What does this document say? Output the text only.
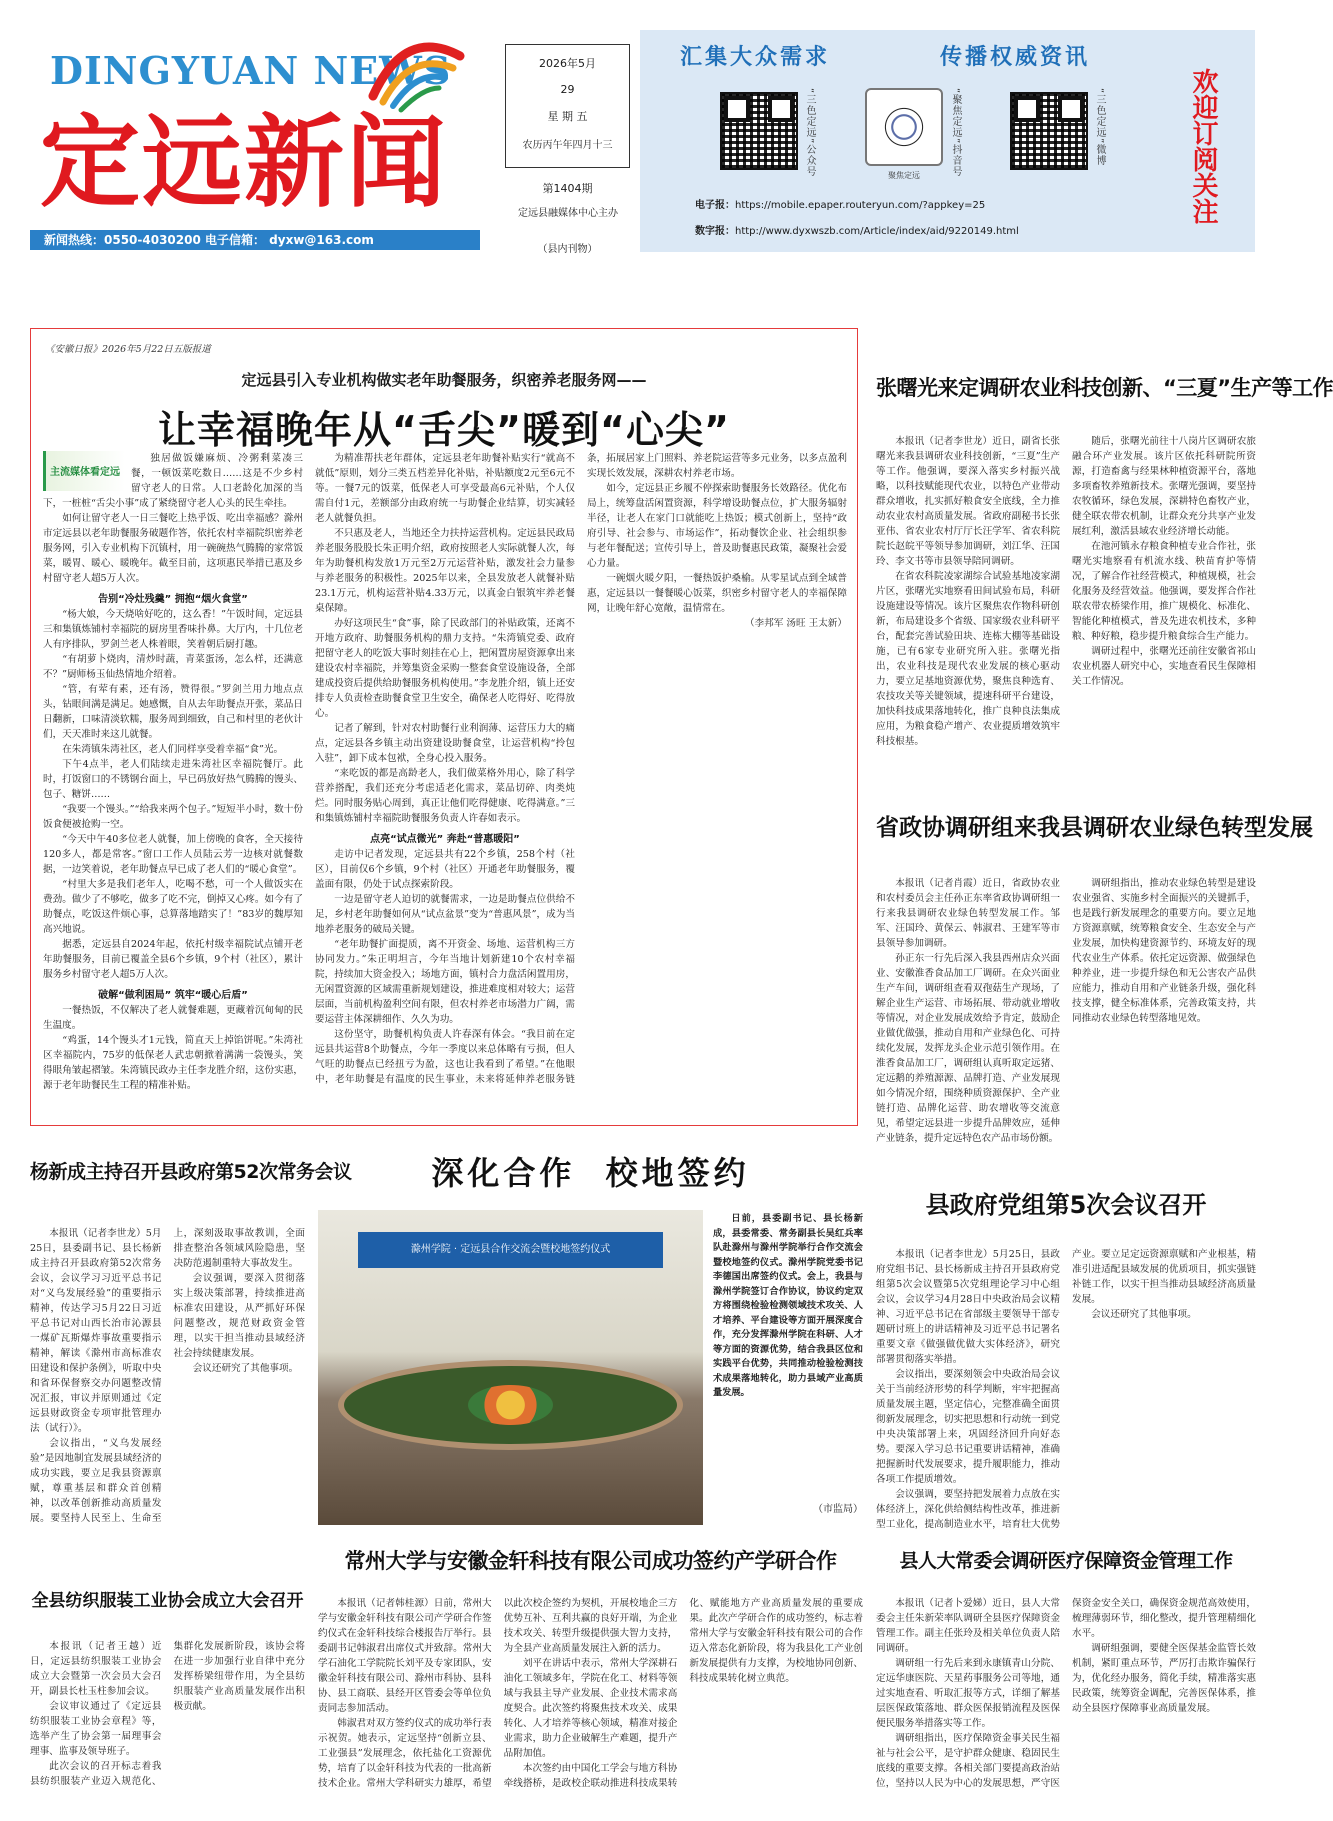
DINGYUAN NEWS
定远新闻
2026年5月
29
星 期 五
农历丙午年四月十三
第1404期
定远县融媒体中心主办
（县内刊物）
新闻热线：0550-4030200 电子信箱： dyxw@163.com
汇集大众需求	传播权威资讯
“三色定远”公众号	聚焦定远	“聚焦定远”抖音号	“三色定远”微博	欢迎订阅关注
电子报：https://mobile.epaper.routeryun.com/?appkey=25
数字报：http://www.dyxwszb.com/Article/index/aid/9220149.html
《安徽日报》2026年5月22日五版报道
定远县引入专业机构做实老年助餐服务，织密养老服务网——
让幸福晚年从“舌尖”暖到“心尖”
主流媒体看定远

独居做饭嫌麻烦、冷粥剩菜凑三餐，一顿饭菜吃数日……这是不少乡村留守老人的日常。人口老龄化加深的当下，一桩桩“舌尖小事”成了紧绕留守老人心头的民生牵挂。

如何让留守老人一日三餐吃上热乎饭、吃出幸福感？滁州市定远县以老年助餐服务破题作答，依托农村幸福院织密养老服务网，引入专业机构下沉镇村，用一碗碗热气腾腾的家常饭菜，暖胃、暖心、暖晚年。截至目前，这项惠民举措已惠及乡村留守老人超5万人次。

告别“冷灶残羹” 拥抱“烟火食堂”

“杨大娘，今天烧啥好吃的，这么香！”午饭时间，定远县三和集镇炼铺村幸福院的厨房里香味扑鼻。大厅内，十几位老人有序排队，罗剑兰老人株着眼，笑着朝后厨打趣。

“有胡萝卜烧肉，清炒时蔬，青菜蛋汤，怎么样，还满意不？”厨师杨玉仙热情地介绍着。

“管，有荤有素，还有汤，赞得很。”罗剑兰用力地点点头，钻眼间满是满足。她感慨，自从去年助餐点开张，菜品日日翻新，口味清淡软糯，服务周到细致，自己和村里的老伙计们，天天准时来这儿就餐。

在朱湾镇朱湾社区，老人们同样享受着幸福“食”光。

下午4点半，老人们陆续走进朱湾社区幸福院餐厅。此时，打饭窗口的不锈钢台面上，早已码放好热气腾腾的馒头、包子、糖饼……

“我要一个馒头。”“给我来两个包子。”短短半小时，数十份饭食便被抢购一空。

“今天中午40多位老人就餐，加上傍晚的食客，全天接待120多人，都是常客。”窗口工作人员陆云芳一边核对就餐数据，一边笑着说，老年助餐点早已成了老人们的“暖心食堂”。

“村里大多是我们老年人，吃喝不愁，可一个人做饭实在费劲。做少了不够吃，做多了吃不完，倒掉又心疼。如今有了助餐点，吃饭这件烦心事，总算落地踏实了！”83岁的魏厚知高兴地说。

据悉，定远县自2024年起，依托村级幸福院试点铺开老年助餐服务，目前已覆盖全县6个乡镇，9个村（社区），累计服务乡村留守老人超5万人次。

破解“做利困局” 筑牢“暖心后盾”

一餐热饭，不仅解决了老人就餐难题，更藏着沉甸甸的民生温度。

“鸡蛋，14个馒头才1元钱，简直天上掉馅饼呢。”朱湾社区幸福院内，75岁的低保老人武忠朝掀着满满一袋馒头，笑得眼角皱起褶皱。朱湾镇民政办主任李龙胜介绍，这份实惠，源于老年助餐民生工程的精准补贴。

为精准帮扶老年群体，定远县老年助餐补贴实行“就高不就低”原则，划分三类五档差异化补贴，补贴额度2元至6元不等。一餐7元的饭菜，低保老人可享受最高6元补贴，个人仅需自付1元，差额部分由政府统一与助餐企业结算，切实减轻老人就餐负担。

不只惠及老人，当地还全力扶持运营机构。定远县民政局养老服务股股长朱正明介绍，政府按照老人实际就餐人次，每年为助餐机构发放1万元至2万元运营补贴，激发社会力量参与养老服务的积极性。2025年以来，全县发放老人就餐补贴23.1万元，机构运营补贴4.33万元，以真金白银筑牢养老餐桌保障。

办好这项民生“食”事，除了民政部门的补贴政策，还离不开地方政府、助餐服务机构的鼎力支持。“朱湾镇党委、政府把留守老人的吃饭大事时刻挂在心上，把闲置房屋资源拿出来建设农村幸福院，并筹集资金采购一整套食堂设施设备，全部建成投资后提供给助餐服务机构使用。”李龙胜介绍，镇上还安排专人负责检查助餐食堂卫生安全，确保老人吃得好、吃得放心。

记者了解到，针对农村助餐行业利润薄、运营压力大的痛点，定远县各乡镇主动出资建设助餐食堂，让运营机构“拎包入驻”，卸下成本包袱，全身心投入服务。

“来吃饭的都是高龄老人，我们做菜格外用心，除了科学营养搭配，我们还充分考虑适老化需求，菜品切碎、肉类炖烂。同时服务贴心周到，真正让他们吃得健康、吃得满意。”三和集镇炼铺村幸福院助餐服务负责人许春如表示。

点亮“试点微光” 奔赴“普惠暖阳”

走访中记者发现，定远县共有22个乡镇，258个村（社区），目前仅6个乡镇，9个村（社区）开通老年助餐服务，覆盖面有限，仍处于试点探索阶段。

一边是留守老人迫切的就餐需求，一边是助餐点位供给不足，乡村老年助餐如何从“试点盆景”变为“普惠风景”，成为当地养老服务的破局关键。

“老年助餐扩面提质，离不开资金、场地、运营机构三方协同发力。”朱正明坦言，今年当地计划新建10个农村幸福院，持续加大资金投入；场地方面，镇村合力盘活闲置用房，无闲置资源的区域需重新规划建设，推进难度相对较大；运营层面，当前机构盈利空间有限，但农村养老市场潜力广阔，需要运营主体深耕细作、久久为功。

这份坚守，助餐机构负责人许春深有体会。“我目前在定远县共运营8个助餐点，今年一季度以来总体略有亏损，但人气旺的助餐点已经扭亏为盈，这也让我看到了希望。”在他眼中，老年助餐是有温度的民生事业，未来将延伸养老服务链条，拓展居家上门照料、养老院运营等多元业务，以多点盈利实现长效发展，深耕农村养老市场。

如今，定远县正乡履不停探索助餐服务长效路径。优化布局上，统筹盘活闲置资源，科学增设助餐点位，扩大服务辐射半径，让老人在家门口就能吃上热饭；模式创新上，坚持“政府引导、社会参与、市场运作”，拓动餐饮企业、社会组织参与老年餐配送；宣传引导上，普及助餐惠民政策，凝聚社会爱心力量。

一碗烟火暖夕阳，一餐热饭护桑榆。从零星试点到全域普惠，定远县以一餐餐暖心饭菜，织密乡村留守老人的幸福保障网，让晚年舒心宽敞，温情常在。

（李邦军 汤旺 王太新）

张曙光来定调研农业科技创新、“三夏”生产等工作

本报讯（记者李世龙）近日，副省长张曙光来我县调研农业科技创新，“三夏”生产等工作。他强调，要深入落实乡村振兴战略，以科技赋能现代农业，以特色产业带动群众增收，扎实抓好粮食安全底线，全力推动农业农村高质量发展。省政府副秘书长张亚伟、省农业农村厅厅长汪学军、省农科院院长赵皖平等领导参加调研，刘江华、汪国玲、李文书等市县领导陪同调研。

在省农科院凌家湖综合试验基地凌家湖片区，张曙光实地察看田间试验布局，科研设施建设等情况。该片区聚焦农作物科研创新，布局建设多个省级、国家级农业科研平台，配套完善试验田块、连栋大棚等基础设施，已有6家专业研究所入驻。张曙光指出，农业科技是现代农业发展的核心驱动力，要立足基地资源优势，聚焦良种选育、农技攻关等关键领域，提速科研平台建设，加快科技成果落地转化，推广良种良法集成应用，为粮食稳产增产、农业提质增效筑牢科技根基。

随后，张曙光前往十八岗片区调研农旅融合环产业发展。该片区依托科研院所资源，打造畜禽与经果林种植资源平台，落地多项畜牧养殖新技术。张曙光强调，要坚持农牧循环，绿色发展，深耕特色畜牧产业，健全联农带农机制，让群众充分共享产业发展红利，激活县域农业经济增长动能。

在池河镇永存粮食种植专业合作社，张曙光实地察看有机流水线、秧苗育护等情况，了解合作社经营模式，种植规模，社会化服务及经营效益。他强调，要发挥合作社联农带农桥梁作用，推广规模化、标准化、智能化种植模式，普及先进农机技术，多种粮、种好粮，稳步提升粮食综合生产能力。

调研过程中，张曙光还前往安徽省祁山农业机器人研究中心，实地查看民生保障相关工作情况。

省政协调研组来我县调研农业绿色转型发展

本报讯（记者肖霞）近日，省政协农业和农村委员会主任孙正东率省政协调研组一行来我县调研农业绿色转型发展工作。邹军、汪国玲、黄保云、韩淑君、王建军等市县领导参加调研。

孙正东一行先后深入我县西州店众兴面业、安徽淮香食品加工厂调研。在众兴面业生产车间，调研组查看双孢菇生产现场，了解企业生产运营、市场拓展、带动就业增收等情况，对企业发展成效给予肯定，鼓励企业做优做强，推动自用和产业绿色化、可持续化发展，发挥龙头企业示范引领作用。在淮香食品加工厂，调研组认真听取定远猪、定远鹅的养殖源源、品牌打造、产业发展现如今情况介绍，围绕种质资源保护、全产业链打造、品牌化运营、助农增收等交流意见，希望定远县进一步提升品牌效应，延伸产业链条，提升定远特色农产品市场份额。

调研组指出，推动农业绿色转型是建设农业强省、实施乡村全面振兴的关键抓手，也是践行新发展理念的重要方向。要立足地方资源禀赋，统筹粮食安全、生态安全与产业发展，加快构建资源节约、环境友好的现代农业生产体系。依托定远资源、做强绿色种养业，进一步提升绿色和无公害农产品供应能力，推动自用和产业链条升级，强化科技支撑，健全标准体系，完善政策支持，共同推动农业绿色转型落地见效。

杨新成主持召开县政府第52次常务会议

本报讯（记者李世龙）5月25日，县委副书记、县长杨新成主持召开县政府第52次常务会议，会议学习习近平总书记对“义乌发展经验”的重要指示精神，传达学习5月22日习近平总书记对山西长治市沁源县一煤矿瓦斯爆炸事故重要指示精神，解读《滁州市高标准农田建设和保护条例》，听取中央和省环保督察交办问题整改情况汇报，审议并原则通过《定远县财政资金专项审批管理办法（试行）》。

会议指出，“义乌发展经验”是因地制宜发展县域经济的成功实践，要立足我县资源禀赋，尊重基层和群众首创精神，以改革创新推动高质量发展。要坚持人民至上、生命至上，深刻汲取事故教训，全面排查整治各领域风险隐患，坚决防范遏制重特大事故发生。

会议强调，要深入贯彻落实上级决策部署，持续推进高标准农田建设，从严抓好环保问题整改，规范财政资金管理，以实干担当推动县域经济社会持续健康发展。

会议还研究了其他事项。

深化合作  校地签约
滁州学院 · 定远县合作交流会暨校地签约仪式

日前，县委副书记、县长杨新成，县委常委、常务副县长吴红兵率队赴滁州与滁州学院举行合作交流会暨校地签约仪式。滁州学院党委书记李德国出席签约仪式。会上，我县与滁州学院签订合作协议，协议约定双方将围绕检验检测领域技术攻关、人才培养、平台建设等方面开展深度合作，充分发挥滁州学院在科研、人才等方面的资源优势，结合我县区位和实践平台优势，共同推动检验检测技术成果落地转化，助力县域产业高质量发展。

（市监局）
县政府党组第5次会议召开

本报讯（记者李世龙）5月25日，县政府党组书记、县长杨新成主持召开县政府党组第5次会议暨第5次党组理论学习中心组会议，会议学习4月28日中央政治局会议精神、习近平总书记在省部级主要领导干部专题研讨班上的讲话精神及习近平总书记署名重要文章《做强做优做大实体经济》，研究部署贯彻落实举措。

会议指出，要深刻领会中央政治局会议关于当前经济形势的科学判断，牢牢把握高质量发展主题，坚定信心，完整准确全面贯彻新发展理念，切实把思想和行动统一到党中央决策部署上来，巩固经济回升向好态势。要深入学习总书记重要讲话精神，准确把握新时代发展要求，提升履职能力，推动各项工作提质增效。

会议强调，要坚持把发展着力点放在实体经济上，深化供给侧结构性改革，推进新型工业化，提高制造业水平，培育壮大优势产业。要立足定远资源禀赋和产业根基，精准引进适配县域发展的优质项目，抓实强链补链工作，以实干担当推动县域经济高质量发展。

会议还研究了其他事项。

全县纺织服装工业协会成立大会召开

本报讯（记者王越）近日，定远县纺织服装工业协会成立大会暨第一次会员大会召开，副县长杜玉柱参加会议。

会议审议通过了《定远县纺织服装工业协会章程》等，选举产生了协会第一届理事会理事、监事及领导班子。

此次会议的召开标志着我县纺织服装产业迈入规范化、集群化发展新阶段，该协会将在进一步加强行业自律中充分发挥桥梁纽带作用，为全县纺织服装产业高质量发展作出积极贡献。

常州大学与安徽金轩科技有限公司成功签约产学研合作

本报讯（记者韩桂源）日前，常州大学与安徽金轩科技有限公司产学研合作签约仪式在金轩科技综合楼报告厅举行。县委副书记韩淑君出席仪式并致辞。常州大学石油化工学院院长刘平及专家团队，安徽金轩科技有限公司、滁州市科协、县科协、县工商联、县经开区管委会等单位负责同志参加活动。

韩淑君对双方签约仪式的成功举行表示祝贺。她表示，定远坚持“创新立县、工业强县”发展理念，依托盐化工资源优势，培育了以金轩科技为代表的一批高新技术企业。常州大学科研实力雄厚，希望以此次校企签约为契机，开展校地企三方优势互补、互利共赢的良好开端，为企业技术攻关、转型升级提供强大智力支持，为全县产业高质量发展注入新的活力。

刘平在讲话中表示，常州大学深耕石油化工领域多年，学院在化工、材料等领域与我县主导产业发展、企业技术需求高度契合。此次签约将聚焦技术攻关、成果转化、人才培养等核心领域，精准对接企业需求，助力企业破解生产难题，提升产品附加值。

本次签约由中国化工学会与地方科协牵线搭桥，是政校企联动推进科技成果转化、赋能地方产业高质量发展的重要成果。此次产学研合作的成功签约，标志着常州大学与安徽金轩科技有限公司的合作迈入常态化新阶段，将为我县化工产业创新发展提供有力支撑，为校地协同创新、科技成果转化树立典范。

县人大常委会调研医疗保障资金管理工作

本报讯（记者卜爱娣）近日，县人大常委会主任朱新荣率队调研全县医疗保障资金管理工作。副主任张玲及相关单位负责人陪同调研。

调研组一行先后来到永康镇青山分院、定远华康医院、天星药事服务公司等地，通过实地查看、听取汇报等方式，详细了解基层医保政策落地、群众医保报销流程及医保便民服务举措落实等工作。

调研组指出，医疗保障资金事关民生福祉与社会公平，是守护群众健康、稳固民生底线的重要支撑。各相关部门要提高政治站位，坚持以人民为中心的发展思想，严守医保资金安全关口，确保资金规范高效使用，梳理薄弱环节，细化整改，提升管理精细化水平。

调研组强调，要健全医保基金监管长效机制，紧盯重点环节，严厉打击欺诈骗保行为，优化经办服务，简化手续，精准落实惠民政策，统筹资金调配，完善医保体系，推动全县医疗保障事业高质量发展。
